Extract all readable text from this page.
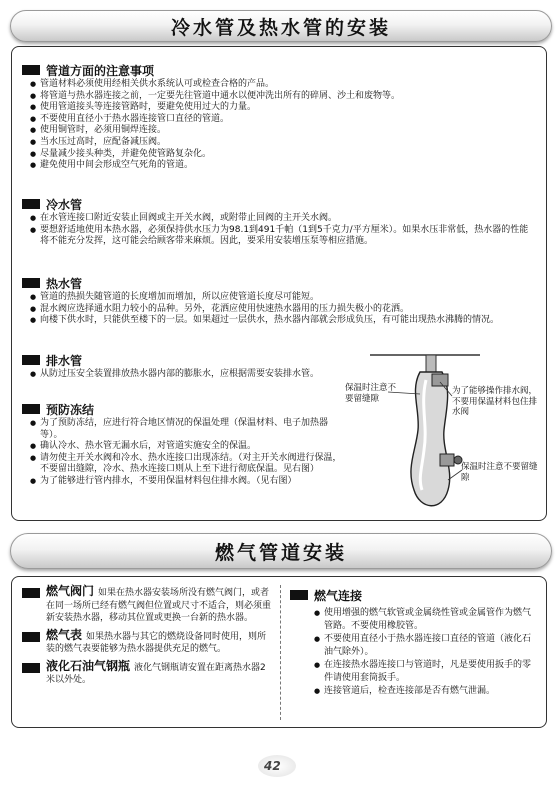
冷水管及热水管的安装
管道方面的注意事项
● 管道材料必须使用经相关供水系统认可或检查合格的产品。
● 将管道与热水器连接之前，一定要先往管道中通水以便冲洗出所有的碎屑、沙土和废物等。
● 使用管道接头等连接管路时，要避免使用过大的力量。
● 不要使用直径小于热水器连接管口直径的管道。
● 使用铜管时，必须用铜焊连接。
● 当水压过高时，应配备减压阀。
● 尽量减少接头种类，并避免使管路复杂化。
● 避免使用中间会形成空气死角的管道。
冷水管
● 在水管连接口附近安装止回阀或主开关水阀，或附带止回阀的主开关水阀。
● 要想舒适地使用本热水器，必须保持供水压力为98.1到491千帕（1到5千克力/平方厘米）。如果水压非常低，热水器的性能将不能充分发挥，这可能会给顾客带来麻烦。因此，要采用安装增压泵等相应措施。
热水管
● 管道的热损失随管道的长度增加而增加，所以应使管道长度尽可能短。
● 混水阀应选择通水阻力较小的品种。另外，花洒应使用快速热水器用的压力损失极小的花洒。
● 向楼下供水时，只能供至楼下的一层。如果超过一层供水，热水器内部就会形成负压，有可能出现热水沸腾的情况。
排水管
● 从防过压安全装置排放热水器内部的膨胀水，应根据需要安装排水管。
预防冻结
● 为了预防冻结，应进行符合地区情况的保温处理（保温材料、电子加热器等）。
● 确认冷水、热水管无漏水后，对管道实施安全的保温。
● 请勿使主开关水阀和冷水、热水连接口出现冻结。（对主开关水阀进行保温，不要留出缝隙，冷水、热水连接口则从上至下进行彻底保温。见右图）
● 为了能够进行管内排水，不要用保温材料包住排水阀。（见右图）
保温时注意不要留缝隙
为了能够操作排水阀，不要用保温材料包住排水阀
保温时注意不要留缝隙
燃气管道安装
燃气阀门 如果在热水器安装场所没有燃气阀门，或者在同一场所已经有燃气阀但位置或尺寸不适合，则必须重新安装热水器，移动其位置或更换一台新的热水器。
燃气表 如果热水器与其它的燃烧设备同时使用，则所装的燃气表要能够为热水器提供充足的燃气。
液化石油气钢瓶 液化气钢瓶请安置在距离热水器2米以外处。
燃气连接
● 使用增强的燃气软管或金属绕性管或金属管作为燃气管路。不要使用橡胶管。
● 不要使用直径小于热水器连接口直径的管道（液化石油气除外）。
● 在连接热水器连接口与管道时，凡是要使用扳手的零件请使用套筒扳手。
● 连接管道后，检查连接部是否有燃气泄漏。
42
